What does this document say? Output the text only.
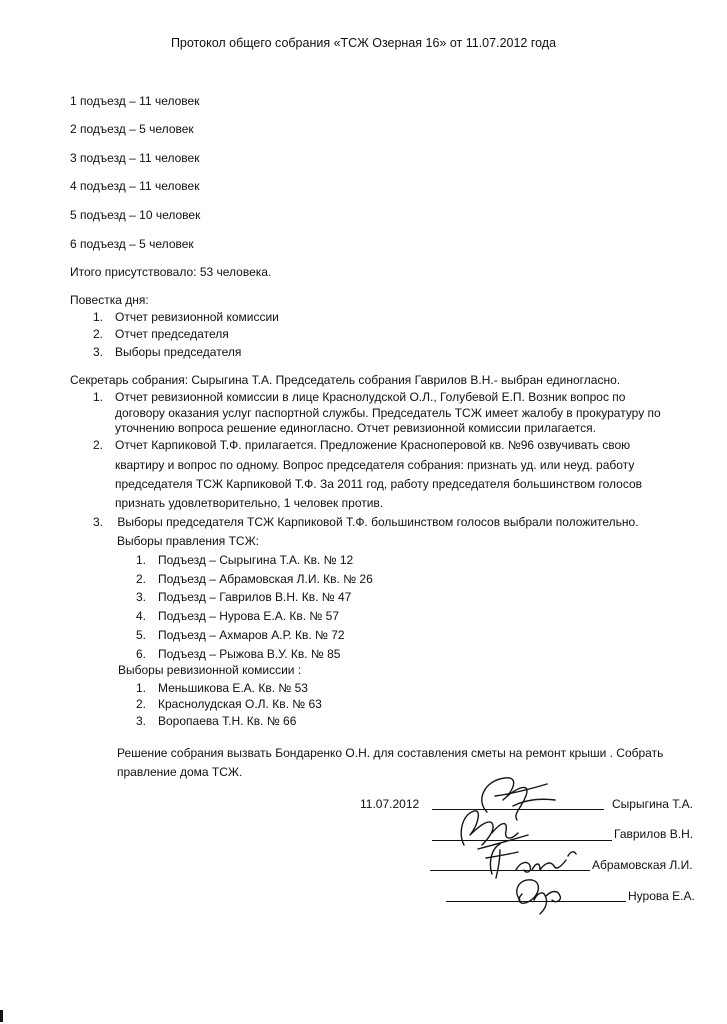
Протокол общего собрания «ТСЖ Озерная 16» от 11.07.2012 года
1 подъезд – 11 человек
2 подъезд – 5 человек
3 подъезд – 11 человек
4 подъезд – 11 человек
5 подъезд – 10 человек
6 подъезд – 5 человек
Итого присутствовало: 53 человека.
Повестка дня:
1. Отчет ревизионной комиссии
2. Отчет председателя
3. Выборы председателя
Секретарь собрания: Сырыгина Т.А. Председатель собрания Гаврилов В.Н.- выбран единогласно.
1. Отчет ревизионной комиссии в лице Краснолудской О.Л., Голубевой Е.П. Возник вопрос по
договору оказания услуг паспортной службы. Председатель ТСЖ имеет жалобу в прокуратуру по
уточнению вопроса решение единогласно. Отчет ревизионной комиссии прилагается.
2. Отчет Карпиковой Т.Ф. прилагается. Предложение Красноперовой кв. №96 озвучивать свою
квартиру и вопрос по одному. Вопрос председателя собрания: признать уд. или неуд. работу
председателя ТСЖ Карпиковой Т.Ф. За 2011 год, работу председателя большинством голосов
признать удовлетворительно, 1 человек против.
3. Выборы председателя ТСЖ Карпиковой Т.Ф. большинством голосов выбрали положительно.
Выборы правления ТСЖ:
1. Подъезд – Сырыгина Т.А. Кв. № 12
2. Подъезд – Абрамовская Л.И. Кв. № 26
3. Подъезд – Гаврилов В.Н. Кв. № 47
4. Подъезд – Нурова Е.А. Кв. № 57
5. Подъезд – Ахмаров А.Р. Кв. № 72
6. Подъезд – Рыжова В.У. Кв. № 85
Выборы ревизионной комиссии :
1. Меньшикова Е.А. Кв. № 53
2. Краснолудская О.Л. Кв. № 63
3. Воропаева Т.Н. Кв. № 66
Решение собрания вызвать Бондаренко О.Н. для составления сметы на ремонт крыши . Собрать
правление дома ТСЖ.
11.07.2012	Сырыгина Т.А.
Гаврилов В.Н.
Абрамовская Л.И.
Нурова Е.А.
